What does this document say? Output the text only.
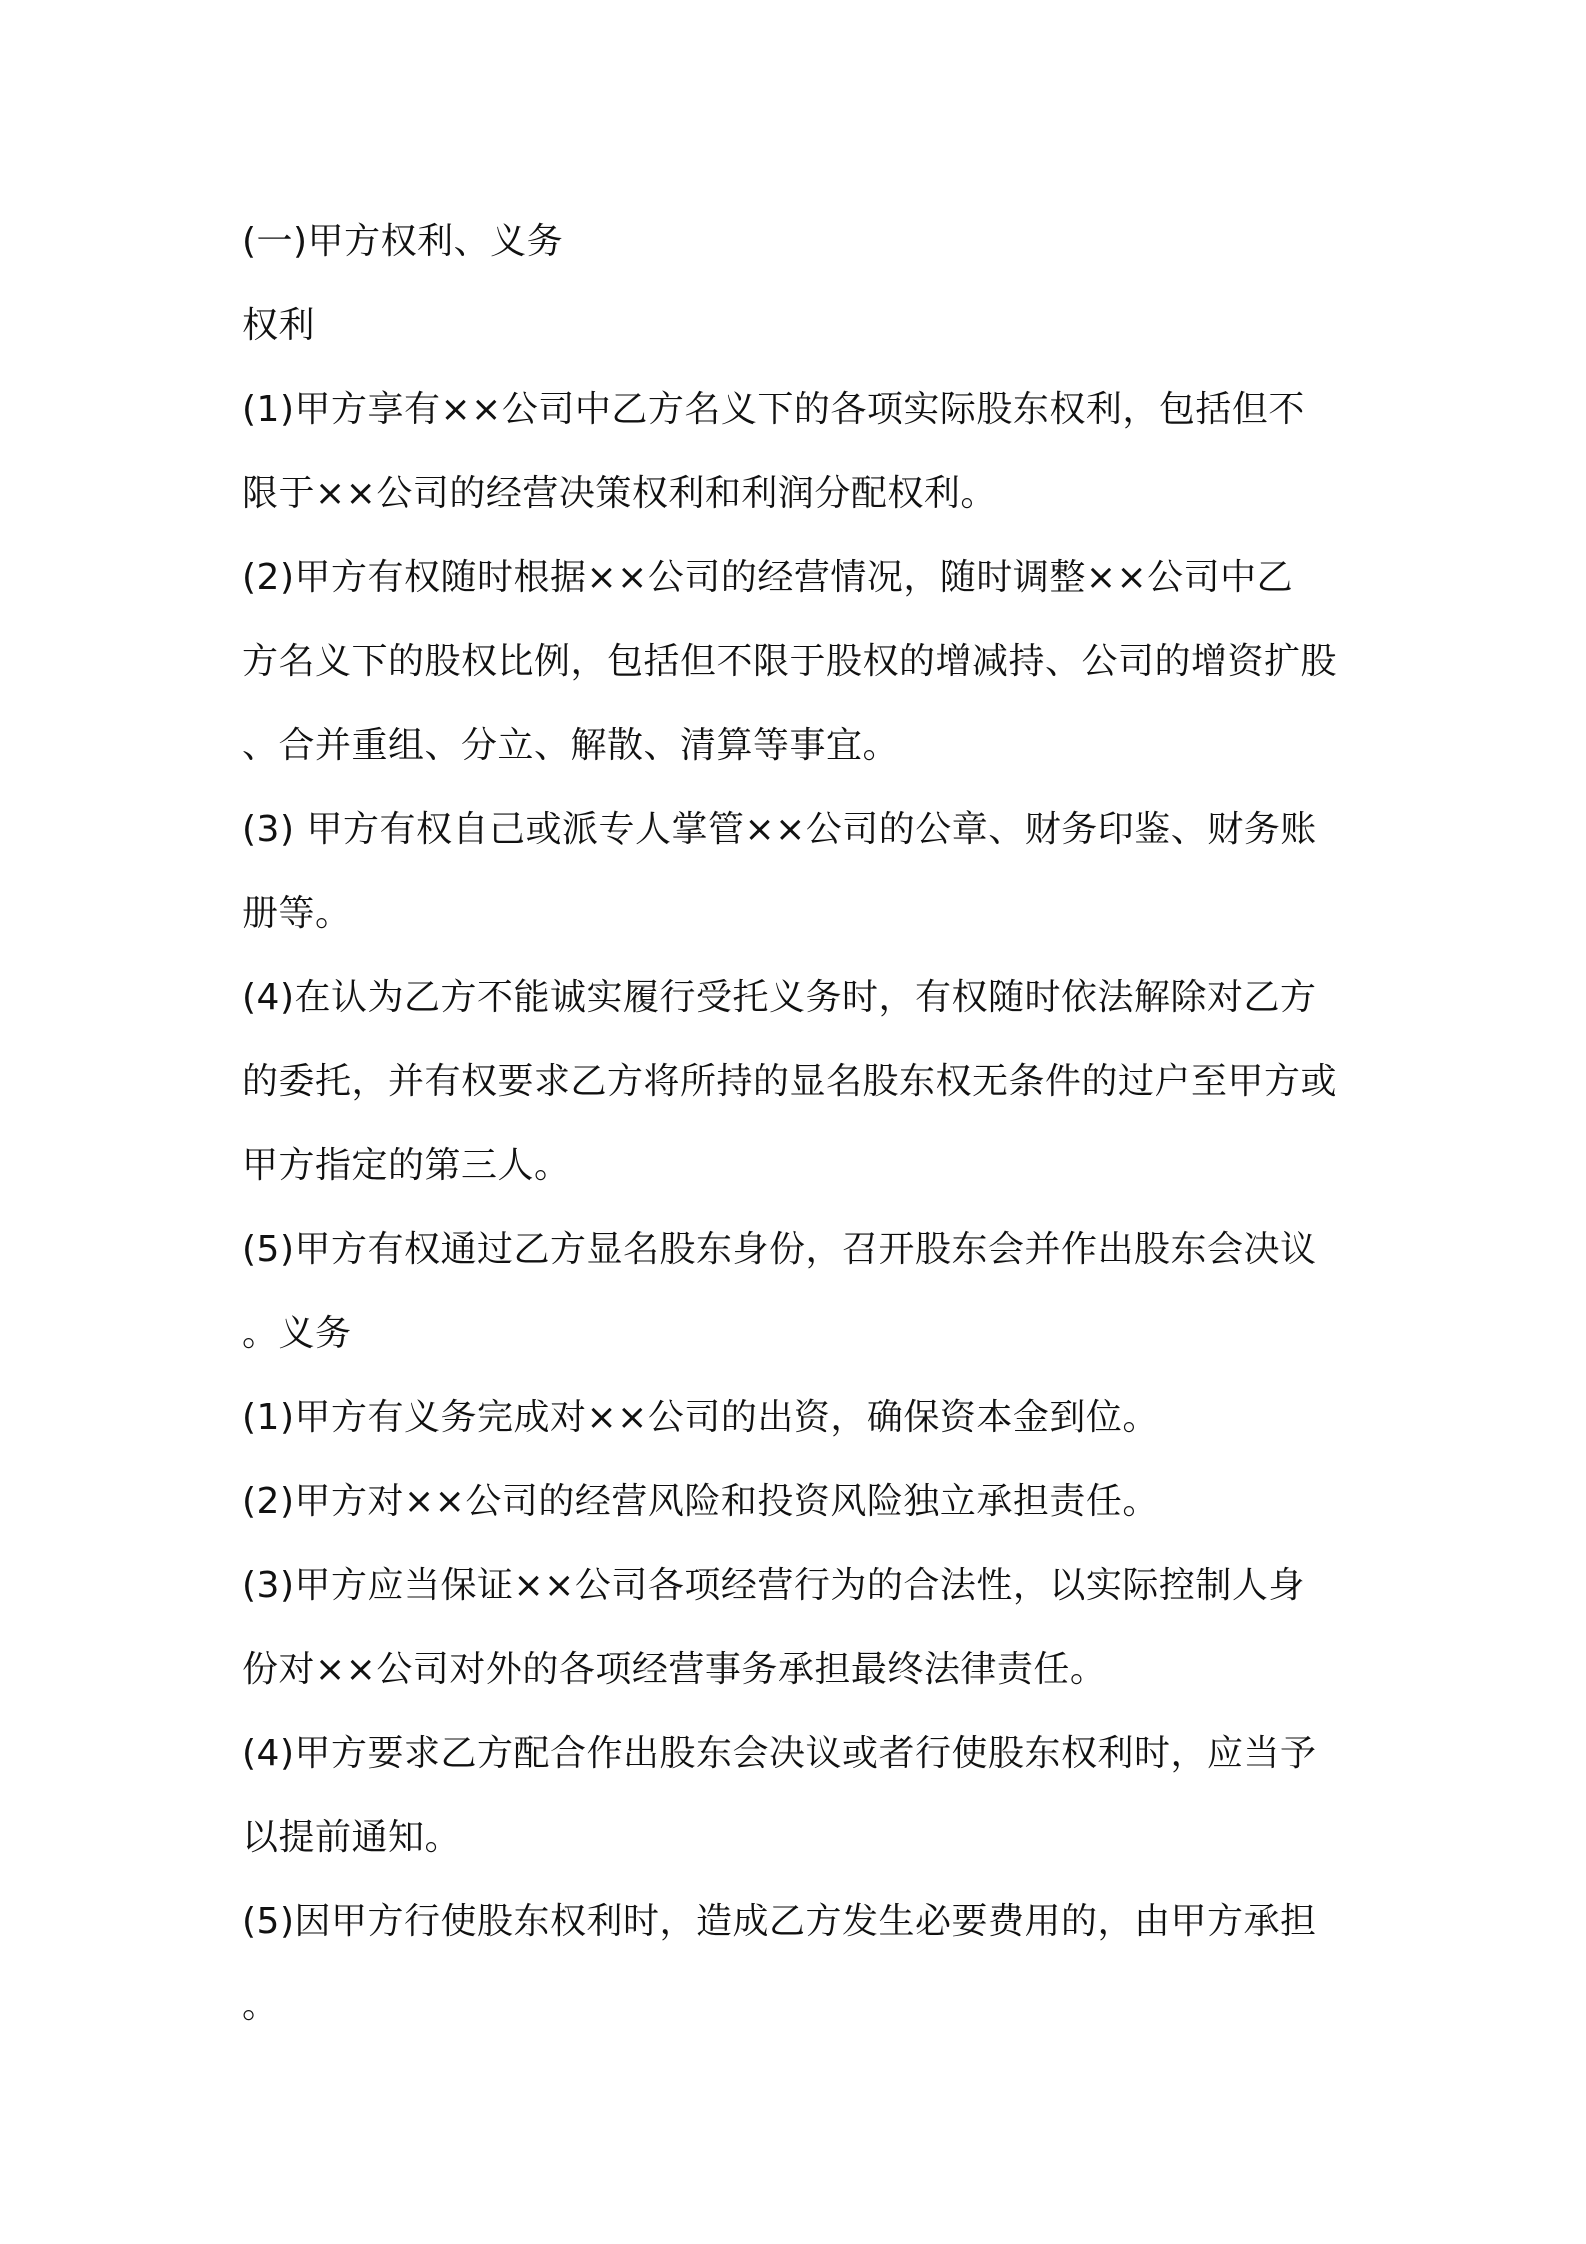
(一)甲方权利、义务
权利
(1)甲方享有××公司中乙方名义下的各项实际股东权利，包括但不
限于××公司的经营决策权利和利润分配权利。
(2)甲方有权随时根据××公司的经营情况，随时调整××公司中乙
方名义下的股权比例，包括但不限于股权的增减持、公司的增资扩股
、合并重组、分立、解散、清算等事宜。
(3) 甲方有权自己或派专人掌管××公司的公章、财务印鉴、财务账
册等。
(4)在认为乙方不能诚实履行受托义务时，有权随时依法解除对乙方
的委托，并有权要求乙方将所持的显名股东权无条件的过户至甲方或
甲方指定的第三人。
(5)甲方有权通过乙方显名股东身份，召开股东会并作出股东会决议
。义务
(1)甲方有义务完成对××公司的出资，确保资本金到位。
(2)甲方对××公司的经营风险和投资风险独立承担责任。
(3)甲方应当保证××公司各项经营行为的合法性，以实际控制人身
份对××公司对外的各项经营事务承担最终法律责任。
(4)甲方要求乙方配合作出股东会决议或者行使股东权利时，应当予
以提前通知。
(5)因甲方行使股东权利时，造成乙方发生必要费用的，由甲方承担
。
